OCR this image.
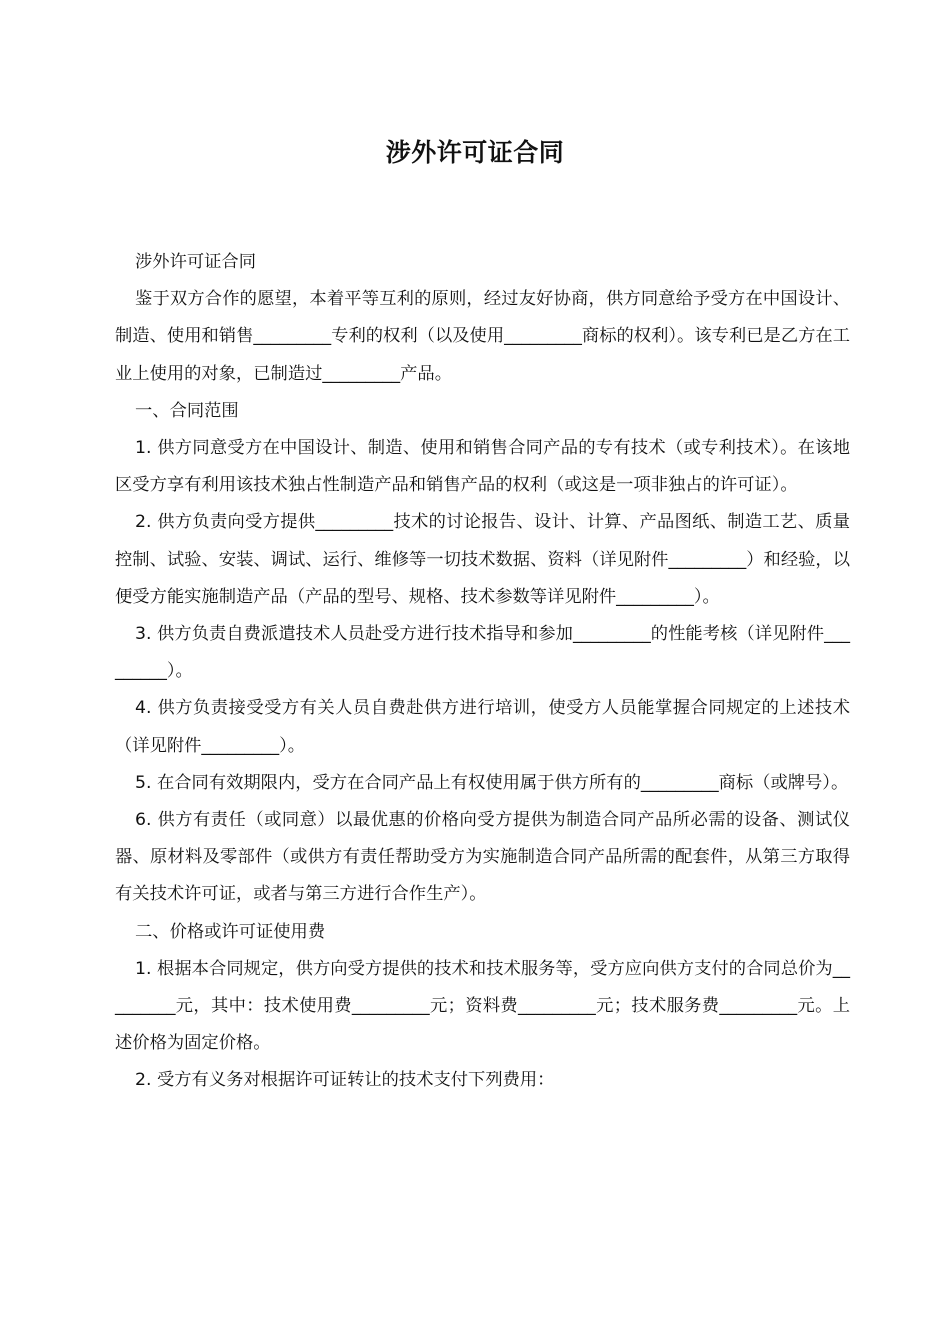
涉外许可证合同

涉外许可证合同

鉴于双方合作的愿望，本着平等互利的原则，经过友好协商，供方同意给予受方在中国设计、制造、使用和销售_________专利的权利（以及使用_________商标的权利）。该专利已是乙方在工业上使用的对象，已制造过_________产品。

一、合同范围

1. 供方同意受方在中国设计、制造、使用和销售合同产品的专有技术（或专利技术）。在该地区受方享有利用该技术独占性制造产品和销售产品的权利（或这是一项非独占的许可证）。

2. 供方负责向受方提供_________技术的讨论报告、设计、计算、产品图纸、制造工艺、质量控制、试验、安装、调试、运行、维修等一切技术数据、资料（详见附件_________）和经验，以便受方能实施制造产品（产品的型号、规格、技术参数等详见附件_________）。

3. 供方负责自费派遣技术人员赴受方进行技术指导和参加_________的性能考核（详见附件_________）。

4. 供方负责接受受方有关人员自费赴供方进行培训，使受方人员能掌握合同规定的上述技术（详见附件_________）。

5. 在合同有效期限内，受方在合同产品上有权使用属于供方所有的_________商标（或牌号）。

6. 供方有责任（或同意）以最优惠的价格向受方提供为制造合同产品所必需的设备、测试仪器、原材料及零部件（或供方有责任帮助受方为实施制造合同产品所需的配套件，从第三方取得有关技术许可证，或者与第三方进行合作生产）。

二、价格或许可证使用费

1. 根据本合同规定，供方向受方提供的技术和技术服务等，受方应向供方支付的合同总价为_________元，其中：技术使用费_________元；资料费_________元；技术服务费_________元。上述价格为固定价格。

2. 受方有义务对根据许可证转让的技术支付下列费用：
